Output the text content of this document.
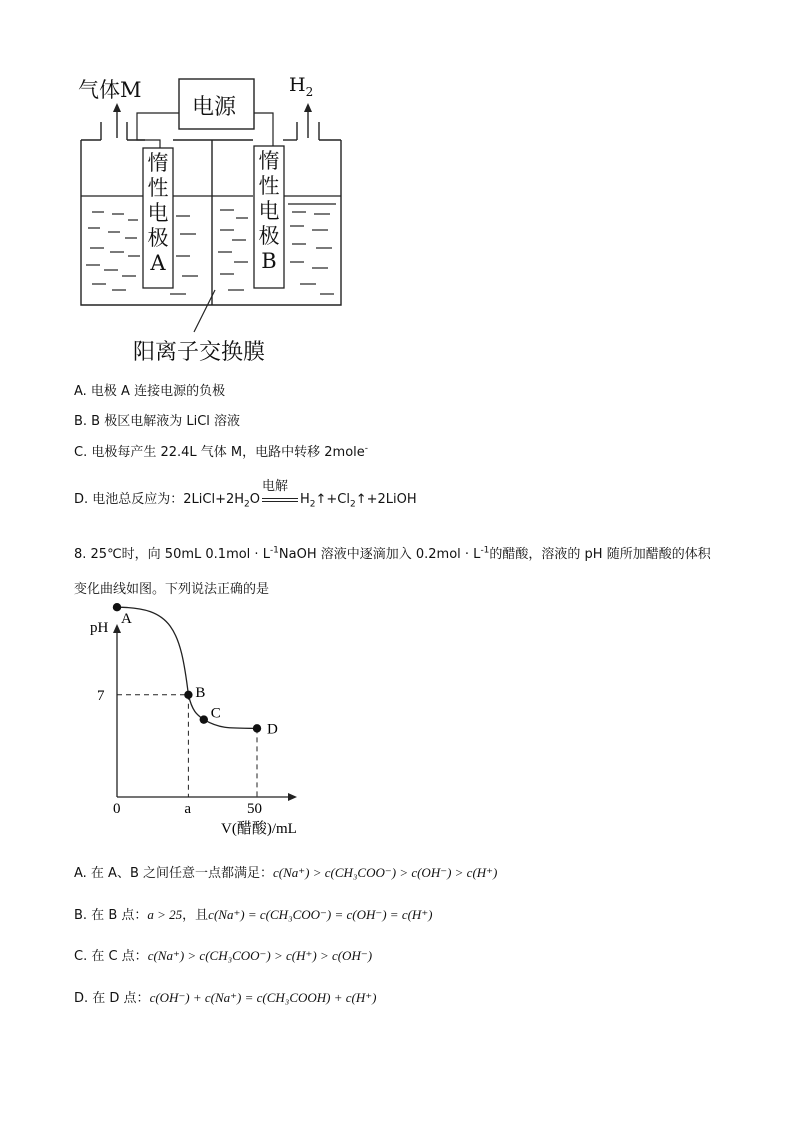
气体M	$H_2$
电源
惰
性
电
极
A
惰
性
电
极
B
阳离子交换膜
A. 电极 A 连接电源的负极
B. B 极区电解液为 LiCl 溶液
C. 电极每产生 22.4L 气体 M，电路中转移 2mole-
D. 电池总反应为：$2LiCl+2H_2O$
电解
$H_2↑+Cl_2↑+2LiOH$
8. 25℃时，向 50mL $0.1mol \cdot L^{-1}NaOH$ 溶液中逐滴加入 $0.2mol \cdot L^{-1}$的醋酸，溶液的 pH 随所加醋酸的体积
变化曲线如图。下列说法正确的是
A
B
C
D
pH
7
0	a	50
V(醋酸)/mL
A. 在 A、B 之间任意一点都满足：c(Na⁺) > c(CH₃COO⁻) > c(OH⁻) > c(H⁺)
B. 在 B 点：a > 25，且c(Na⁺) = c(CH₃COO⁻) = c(OH⁻) = c(H⁺)
C. 在 C 点：c(Na⁺) > c(CH₃COO⁻) > c(H⁺) > c(OH⁻)
D. 在 D 点：c(OH⁻) + c(Na⁺) = c(CH₃COOH) + c(H⁺)
